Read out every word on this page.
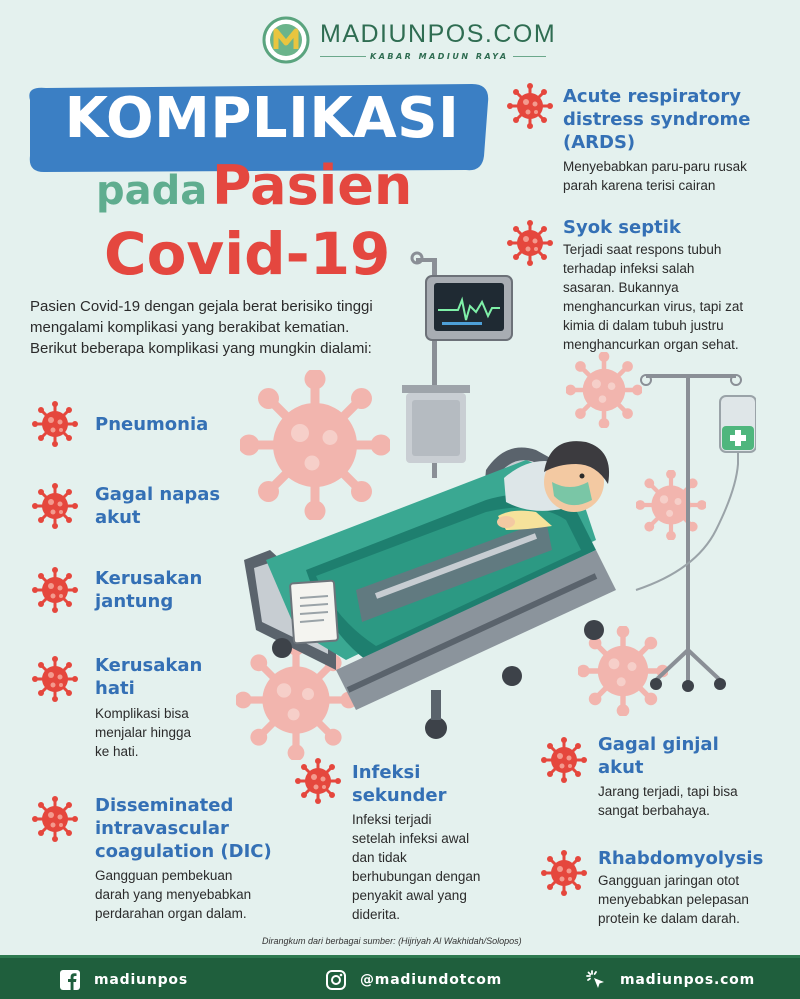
MADIUNPOS.COM
KABAR MADIUN RAYA
KOMPLIKASI
pada Pasien
Covid-19
Pasien Covid-19 dengan gejala berat berisiko tinggi mengalami komplikasi yang berakibat kematian. Berikut beberapa komplikasi yang mungkin dialami:
Pneumonia
Gagal napas
akut
Kerusakan
jantung
Kerusakan
hati
Komplikasi bisa
menjalar hingga
ke hati.
Disseminated
intravascular
coagulation (DIC)
Gangguan pembekuan
darah yang menyebabkan
perdarahan organ dalam.
Acute respiratory
distress syndrome
(ARDS)
Menyebabkan paru-paru rusak
parah karena terisi cairan
Syok septik
Terjadi saat respons tubuh
terhadap infeksi salah
sasaran. Bukannya
menghancurkan virus, tapi zat
kimia di dalam tubuh justru
menghancurkan organ sehat.
Infeksi
sekunder
Infeksi terjadi
setelah infeksi awal
dan tidak
berhubungan dengan
penyakit awal yang
diderita.
Gagal ginjal
akut
Jarang terjadi, tapi bisa
sangat berbahaya.
Rhabdomyolysis
Gangguan jaringan otot
menyebabkan pelepasan
protein ke dalam darah.
Dirangkum dari berbagai sumber: (Hijriyah Al Wakhidah/Solopos)
madiunpos	@madiundotcom	madiunpos.com
